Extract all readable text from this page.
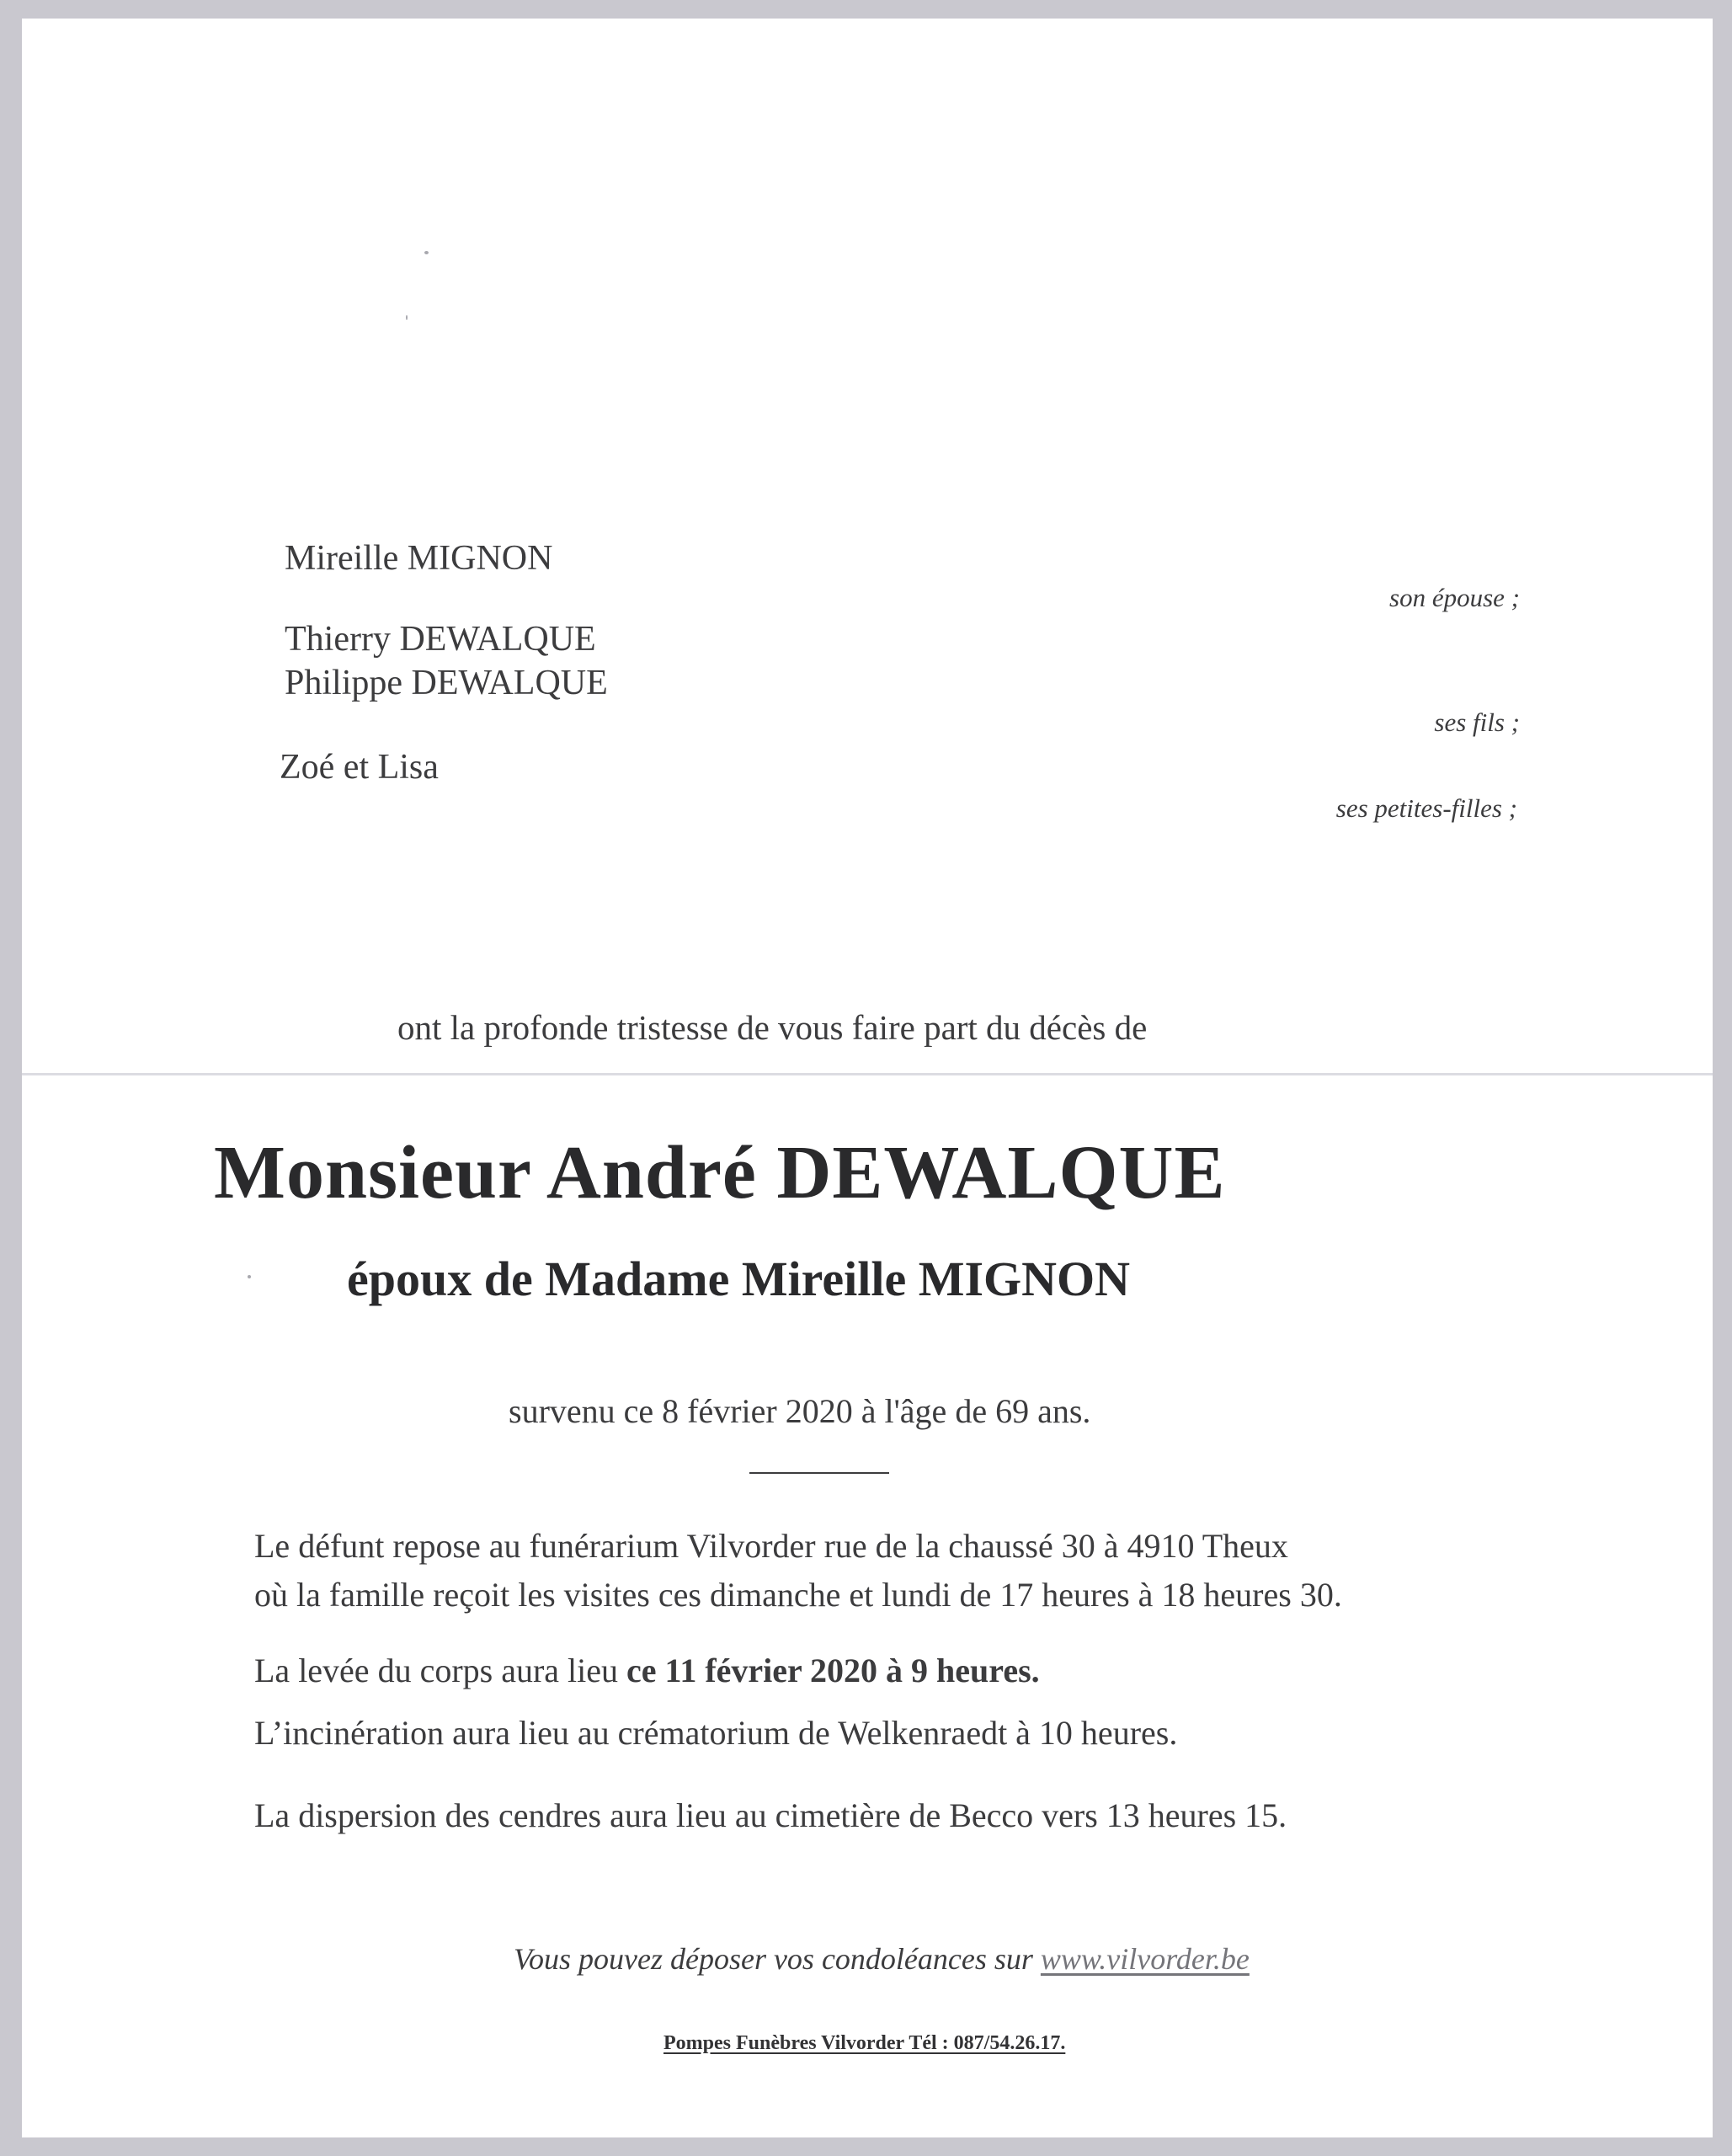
Mireille MIGNON
son épouse ;
Thierry DEWALQUE
Philippe DEWALQUE
ses fils ;
Zoé et Lisa
ses petites-filles ;
ont la profonde tristesse de vous faire part du décès de
Monsieur André DEWALQUE
époux de Madame Mireille MIGNON
survenu ce 8 février 2020 à l'âge de 69 ans.
Le défunt repose au funérarium Vilvorder rue de la chaussé 30 à 4910 Theux
où la famille reçoit les visites ces dimanche et lundi de 17 heures à 18 heures 30.
La levée du corps aura lieu ce 11 février 2020 à 9 heures.
L’incinération aura lieu au crématorium de Welkenraedt à 10 heures.
La dispersion des cendres aura lieu au cimetière de Becco vers 13 heures 15.
Vous pouvez déposer vos condoléances sur www.vilvorder.be
Pompes Funèbres Vilvorder Tél : 087/54.26.17.
